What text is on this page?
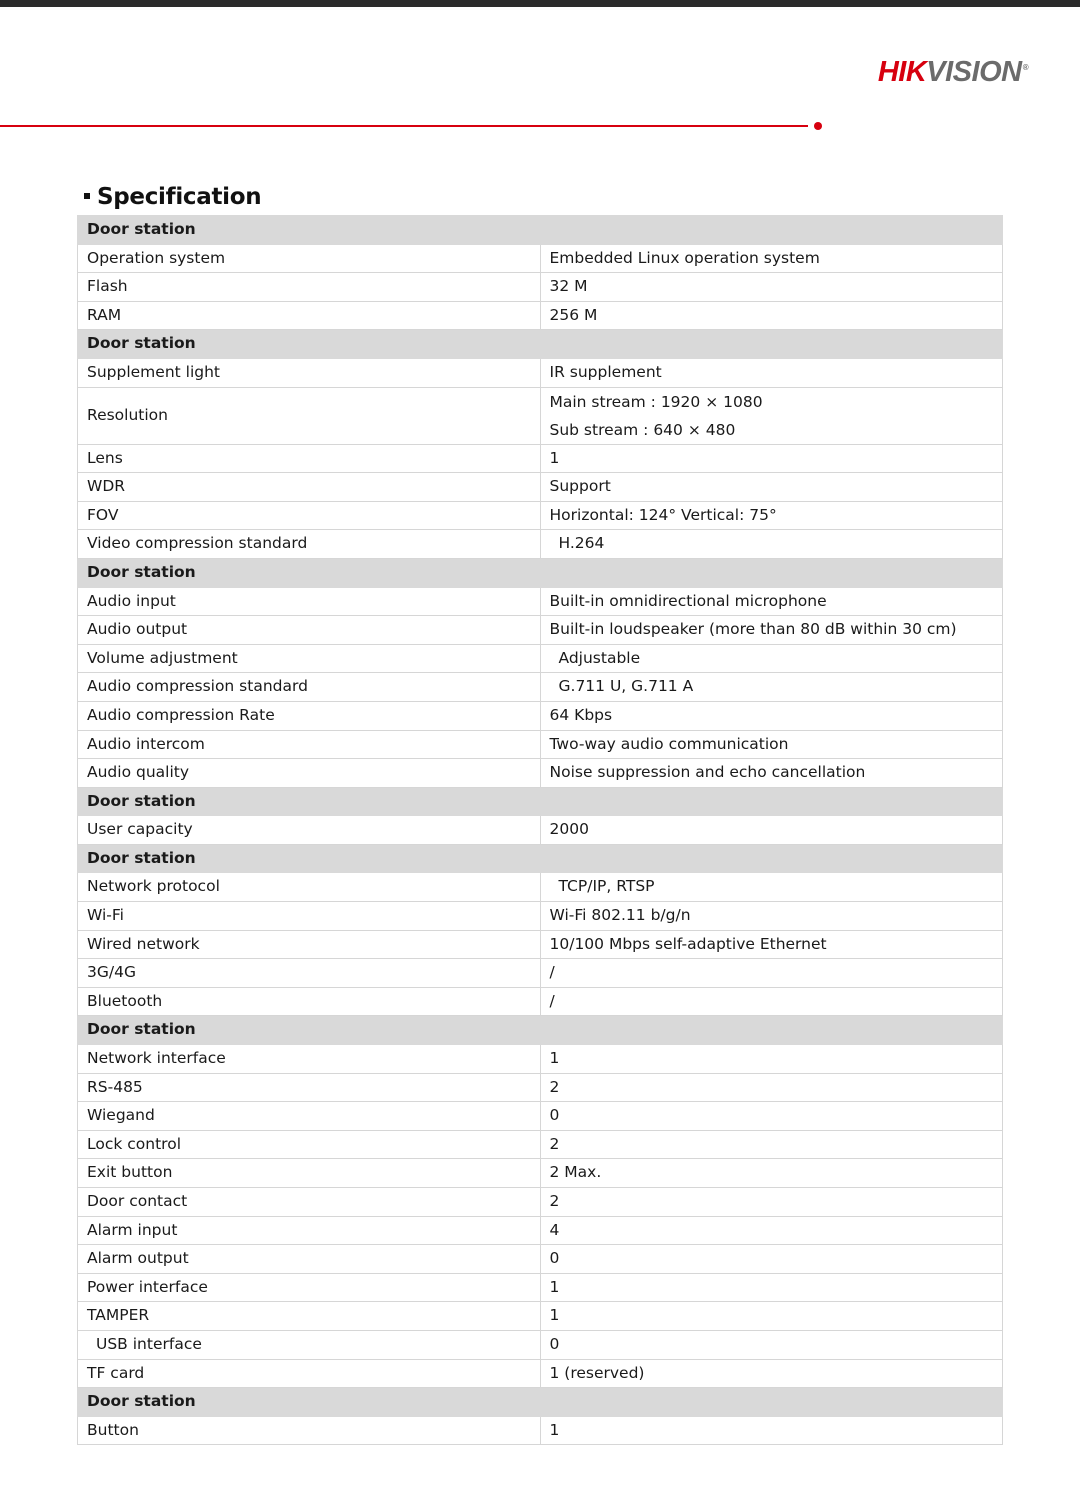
HIKVISION®
Specification
Door station	
Operation system	Embedded Linux operation system
Flash	32 M
RAM	256 M
Door station	
Supplement light	IR supplement
Resolution	Main stream : 1920 × 1080
Sub stream : 640 × 480

Lens	1
WDR	Support
FOV	Horizontal: 124° Vertical: 75°
Video compression standard	H.264
Door station	
Audio input	Built-in omnidirectional microphone
Audio output	Built-in loudspeaker (more than 80 dB within 30 cm)
Volume adjustment	Adjustable
Audio compression standard	G.711 U, G.711 A
Audio compression Rate	64 Kbps
Audio intercom	Two-way audio communication
Audio quality	Noise suppression and echo cancellation
Door station	
User capacity	2000
Door station	
Network protocol	TCP/IP, RTSP
Wi-Fi	Wi-Fi 802.11 b/g/n
Wired network	10/100 Mbps self-adaptive Ethernet
3G/4G	/
Bluetooth	/
Door station	
Network interface	1
RS-485	2
Wiegand	0
Lock control	2
Exit button	2 Max.
Door contact	2
Alarm input	4
Alarm output	0
Power interface	1
TAMPER	1
USB interface	0
TF card	1 (reserved)
Door station	
Button	1
